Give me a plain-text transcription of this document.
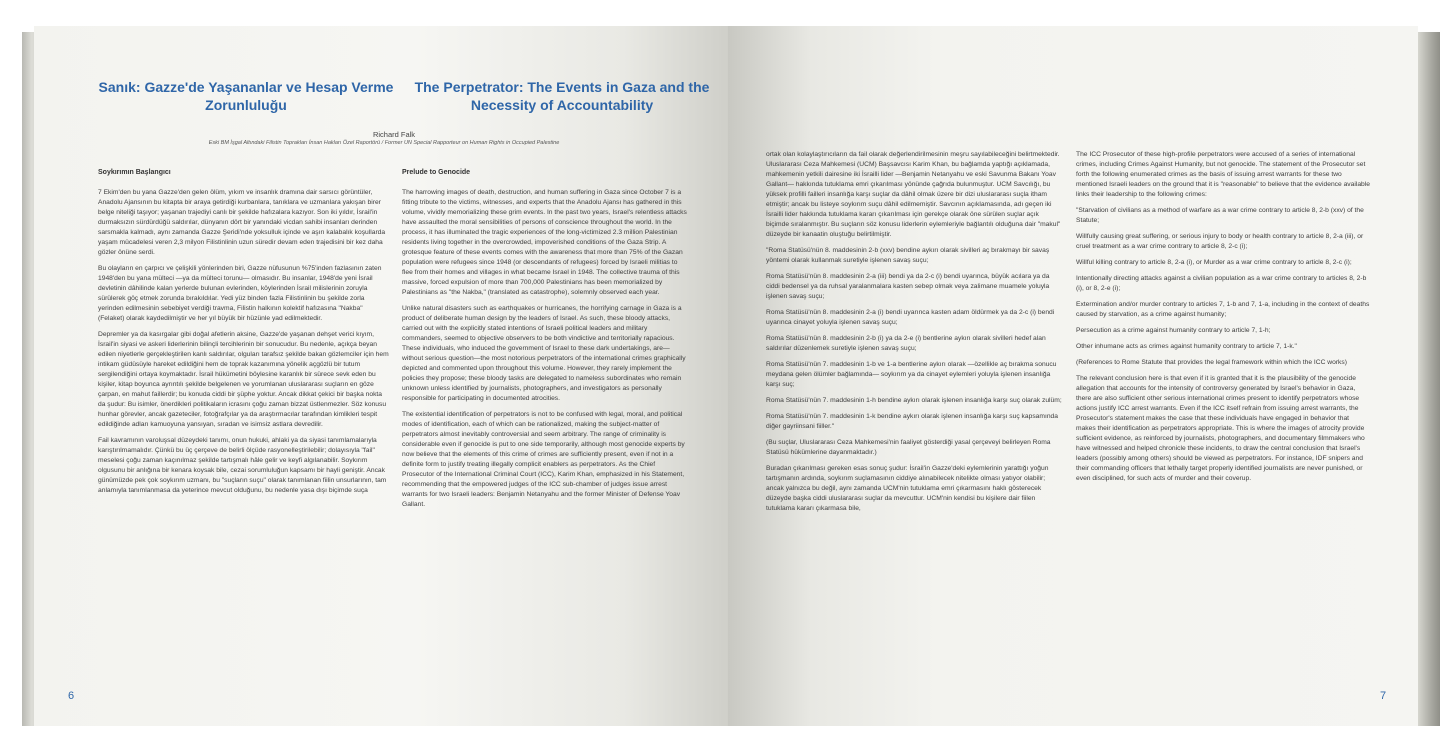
Sanık: Gazze'de Yaşananlar ve Hesap Verme Zorunluluğu
The Perpetrator: The Events in Gaza and the Necessity of Accountability
Richard Falk
Eski BM İşgal Altındaki Filistin Toprakları İnsan Hakları Özel Raportörü / Former UN Special Rapporteur on Human Rights in Occupied Palestine

Soykırımın Başlangıcı

7 Ekim'den bu yana Gazze'den gelen ölüm, yıkım ve insanlık dramına dair sarsıcı görüntüler, Anadolu Ajansının bu kitapta bir araya getirdiği kurbanlara, tanıklara ve uzmanlara yakışan birer belge niteliği taşıyor; yaşanan trajediyi canlı bir şekilde hafızalara kazıyor. Son iki yıldır, İsrail'in durmaksızın sürdürdüğü saldırılar, dünyanın dört bir yanındaki vicdan sahibi insanları derinden sarsmakla kalmadı, aynı zamanda Gazze Şeridi'nde yoksulluk içinde ve aşırı kalabalık koşullarda yaşam mücadelesi veren 2,3 milyon Filistinlinin uzun süredir devam eden trajedisini bir kez daha gözler önüne serdi.

Bu olayların en çarpıcı ve çelişkili yönlerinden biri, Gazze nüfusunun %75'inden fazlasının zaten 1948'den bu yana mülteci —ya da mülteci torunu— olmasıdır. Bu insanlar, 1948'de yeni İsrail devletinin dâhilinde kalan yerlerde bulunan evlerinden, köylerinden İsrail milislerinin zoruyla sürülerek göç etmek zorunda bırakıldılar. Yedi yüz binden fazla Filistinlinin bu şekilde zorla yerinden edilmesinin sebebiyet verdiği travma, Filistin halkının kolektif hafızasına "Nakba" (Felaket) olarak kaydedilmiştir ve her yıl büyük bir hüzünle yad edilmektedir.

Depremler ya da kasırgalar gibi doğal afetlerin aksine, Gazze'de yaşanan dehşet verici kıyım, İsrail'in siyasi ve askeri liderlerinin bilinçli tercihlerinin bir sonucudur. Bu nedenle, açıkça beyan edilen niyetlerle gerçekleştirilen kanlı saldırılar, olguları tarafsız şekilde bakan gözlemciler için hem intikam güdüsüyle hareket edildiğini hem de toprak kazanımına yönelik açgözlü bir tutum sergilendiğini ortaya koymaktadır. İsrail hükümetini böylesine karanlık bir sürece sevk eden bu kişiler, kitap boyunca ayrıntılı şekilde belgelenen ve yorumlanan uluslararası suçların en göze çarpan, en mahut faillerdir; bu konuda ciddi bir şüphe yoktur. Ancak dikkat çekici bir başka nokta da şudur: Bu isimler, önerdikleri politikaların icrasını çoğu zaman bizzat üstlenmezler. Söz konusu hunhar görevler, ancak gazeteciler, fotoğrafçılar ya da araştırmacılar tarafından kimlikleri tespit edildiğinde adları kamuoyuna yansıyan, sıradan ve isimsiz astlara devredilir.

Fail kavramının varoluşsal düzeydeki tanımı, onun hukuki, ahlaki ya da siyasi tanımlamalarıyla karıştırılmamalıdır. Çünkü bu üç çerçeve de belirli ölçüde rasyonelleştirilebilir; dolayısıyla "fail" meselesi çoğu zaman kaçınılmaz şekilde tartışmalı hâle gelir ve keyfi algılanabilir. Soykırım olgusunu bir anlığına bir kenara koysak bile, cezai sorumluluğun kapsamı bir hayli geniştir. Ancak günümüzde pek çok soykırım uzmanı, bu "suçların suçu" olarak tanımlanan fiilin unsurlarının, tam anlamıyla tanımlanmasa da yeterince mevcut olduğunu, bu nedenle yasa dışı biçimde suça

Prelude to Genocide

The harrowing images of death, destruction, and human suffering in Gaza since October 7 is a fitting tribute to the victims, witnesses, and experts that the Anadolu Ajansı has gathered in this volume, vividly memorializing these grim events. In the past two years, Israel's relentless attacks have assaulted the moral sensibilities of persons of conscience throughout the world. In the process, it has illuminated the tragic experiences of the long-victimized 2.3 million Palestinian residents living together in the overcrowded, impoverished conditions of the Gaza Strip. A grotesque feature of these events comes with the awareness that more than 75% of the Gazan population were refugees since 1948 (or descendants of refugees) forced by Israeli militias to flee from their homes and villages in what became Israel in 1948. The collective trauma of this massive, forced expulsion of more than 700,000 Palestinians has been memorialized by Palestinians as "the Nakba," (translated as catastrophe), solemnly observed each year.

Unlike natural disasters such as earthquakes or hurricanes, the horrifying carnage in Gaza is a product of deliberate human design by the leaders of Israel. As such, these bloody attacks, carried out with the explicitly stated intentions of Israeli political leaders and military commanders, seemed to objective observers to be both vindictive and territorially rapacious. These individuals, who induced the government of Israel to these dark undertakings, are—without serious question—the most notorious perpetrators of the international crimes graphically depicted and commented upon throughout this volume. However, they rarely implement the policies they propose; these bloody tasks are delegated to nameless subordinates who remain unknown unless identified by journalists, photographers, and investigators as personally responsible for participating in documented atrocities.

The existential identification of perpetrators is not to be confused with legal, moral, and political modes of identification, each of which can be rationalized, making the subject-matter of perpetrators almost inevitably controversial and seem arbitrary. The range of criminality is considerable even if genocide is put to one side temporarily, although most genocide experts by now believe that the elements of this crime of crimes are sufficiently present, even if not in a definite form to justify treating illegally complicit enablers as perpetrators. As the Chief Prosecutor of the International Criminal Court (ICC), Karim Khan, emphasized in his Statement, recommending that the empowered judges of the ICC sub-chamber of judges issue arrest warrants for two Israeli leaders: Benjamin Netanyahu and the former Minister of Defense Yoav Gallant.

6

ortak olan kolaylaştırıcıların da fail olarak değerlendirilmesinin meşru sayılabileceğini belirtmektedir. Uluslararası Ceza Mahkemesi (UCM) Başsavcısı Karim Khan, bu bağlamda yaptığı açıklamada, mahkemenin yetkili dairesine iki İsrailli lider —Benjamin Netanyahu ve eski Savunma Bakanı Yoav Gallant— hakkında tutuklama emri çıkarılması yönünde çağrıda bulunmuştur. UCM Savcılığı, bu yüksek profilli failleri insanlığa karşı suçlar da dâhil olmak üzere bir dizi uluslararası suçla itham etmiştir; ancak bu listeye soykırım suçu dâhil edilmemiştir. Savcının açıklamasında, adı geçen iki İsrailli lider hakkında tutuklama kararı çıkarılması için gerekçe olarak öne sürülen suçlar açık biçimde sıralanmıştır. Bu suçların söz konusu liderlerin eylemleriyle bağlantılı olduğuna dair "makul" düzeyde bir kanaatin oluştuğu belirtilmiştir.

"Roma Statüsü'nün 8. maddesinin 2-b (xxv) bendine aykırı olarak sivilleri aç bırakmayı bir savaş yöntemi olarak kullanmak suretiyle işlenen savaş suçu;

Roma Statüsü'nün 8. maddesinin 2-a (iii) bendi ya da 2-c (i) bendi uyarınca, büyük acılara ya da ciddi bedensel ya da ruhsal yaralanmalara kasten sebep olmak veya zalimane muamele yoluyla işlenen savaş suçu;

Roma Statüsü'nün 8. maddesinin 2-a (i) bendi uyarınca kasten adam öldürmek ya da 2-c (i) bendi uyarınca cinayet yoluyla işlenen savaş suçu;

Roma Statüsü'nün 8. maddesinin 2-b (i) ya da 2-e (i) bentlerine aykırı olarak sivilleri hedef alan saldırılar düzenlemek suretiyle işlenen savaş suçu;

Roma Statüsü'nün 7. maddesinin 1-b ve 1-a bentlerine aykırı olarak —özellikle aç bırakma sonucu meydana gelen ölümler bağlamında— soykırım ya da cinayet eylemleri yoluyla işlenen insanlığa karşı suç;

Roma Statüsü'nün 7. maddesinin 1-h bendine aykırı olarak işlenen insanlığa karşı suç olarak zulüm;

Roma Statüsü'nün 7. maddesinin 1-k bendine aykırı olarak işlenen insanlığa karşı suç kapsamında diğer gayriinsani fiiller."

(Bu suçlar, Uluslararası Ceza Mahkemesi'nin faaliyet gösterdiği yasal çerçeveyi belirleyen Roma Statüsü hükümlerine dayanmaktadır.)

Buradan çıkarılması gereken esas sonuç şudur: İsrail'in Gazze'deki eylemlerinin yarattığı yoğun tartışmanın ardında, soykırım suçlamasının ciddiye alınabilecek nitelikte olması yatıyor olabilir; ancak yalnızca bu değil, aynı zamanda UCM'nin tutuklama emri çıkarmasını haklı gösterecek düzeyde başka ciddi uluslararası suçlar da mevcuttur. UCM'nin kendisi bu kişilere dair fiilen tutuklama kararı çıkarmasa bile,

The ICC Prosecutor of these high-profile perpetrators were accused of a series of international crimes, including Crimes Against Humanity, but not genocide. The statement of the Prosecutor set forth the following enumerated crimes as the basis of issuing arrest warrants for these two mentioned Israeli leaders on the ground that it is "reasonable" to believe that the evidence available links their leadership to the following crimes:

"Starvation of civilians as a method of warfare as a war crime contrary to article 8, 2-b (xxv) of the Statute;

Willfully causing great suffering, or serious injury to body or health contrary to article 8, 2-a (iii), or cruel treatment as a war crime contrary to article 8, 2-c (i);

Willful killing contrary to article 8, 2-a (i), or Murder as a war crime contrary to article 8, 2-c (i);

Intentionally directing attacks against a civilian population as a war crime contrary to articles 8, 2-b (i), or 8, 2-e (i);

Extermination and/or murder contrary to articles 7, 1-b and 7, 1-a, including in the context of deaths caused by starvation, as a crime against humanity;

Persecution as a crime against humanity contrary to article 7, 1-h;

Other inhumane acts as crimes against humanity contrary to article 7, 1-k."

(References to Rome Statute that provides the legal framework within which the ICC works)

The relevant conclusion here is that even if it is granted that it is the plausibility of the genocide allegation that accounts for the intensity of controversy generated by Israel's behavior in Gaza, there are also sufficient other serious international crimes present to identify perpetrators whose actions justify ICC arrest warrants. Even if the ICC itself refrain from issuing arrest warrants, the Prosecutor's statement makes the case that these individuals have engaged in behavior that makes their identification as perpetrators appropriate. This is where the images of atrocity provide sufficient evidence, as reinforced by journalists, photographers, and documentary filmmakers who have witnessed and helped chronicle these incidents, to draw the central conclusion that Israel's leaders (possibly among others) should be viewed as perpetrators. For instance, IDF snipers and their commanding officers that lethally target properly identified journalists are never punished, or even disciplined, for such acts of murder and their coverup.

7
